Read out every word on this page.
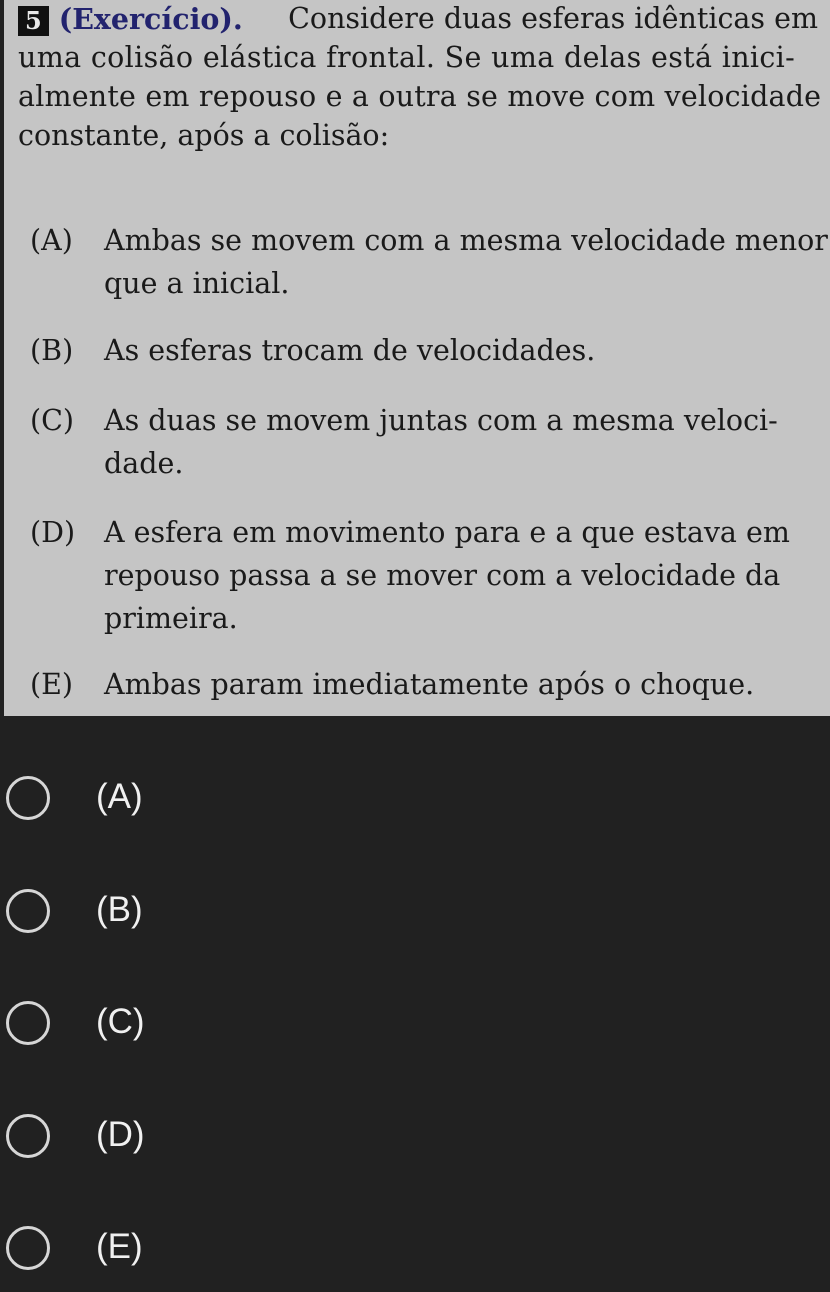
5 (Exercício). Considere duas esferas idênticas em
uma colisão elástica frontal. Se uma delas está inici-
almente em repouso e a outra se move com velocidade
constante, após a colisão:
(A) Ambas se movem com a mesma velocidade menor
que a inicial.
(B) As esferas trocam de velocidades.
(C) As duas se movem juntas com a mesma veloci-
dade.
(D) A esfera em movimento para e a que estava em
repouso passa a se mover com a velocidade da
primeira.
(E) Ambas param imediatamente após o choque.
(A)
(B)
(C)
(D)
(E)
